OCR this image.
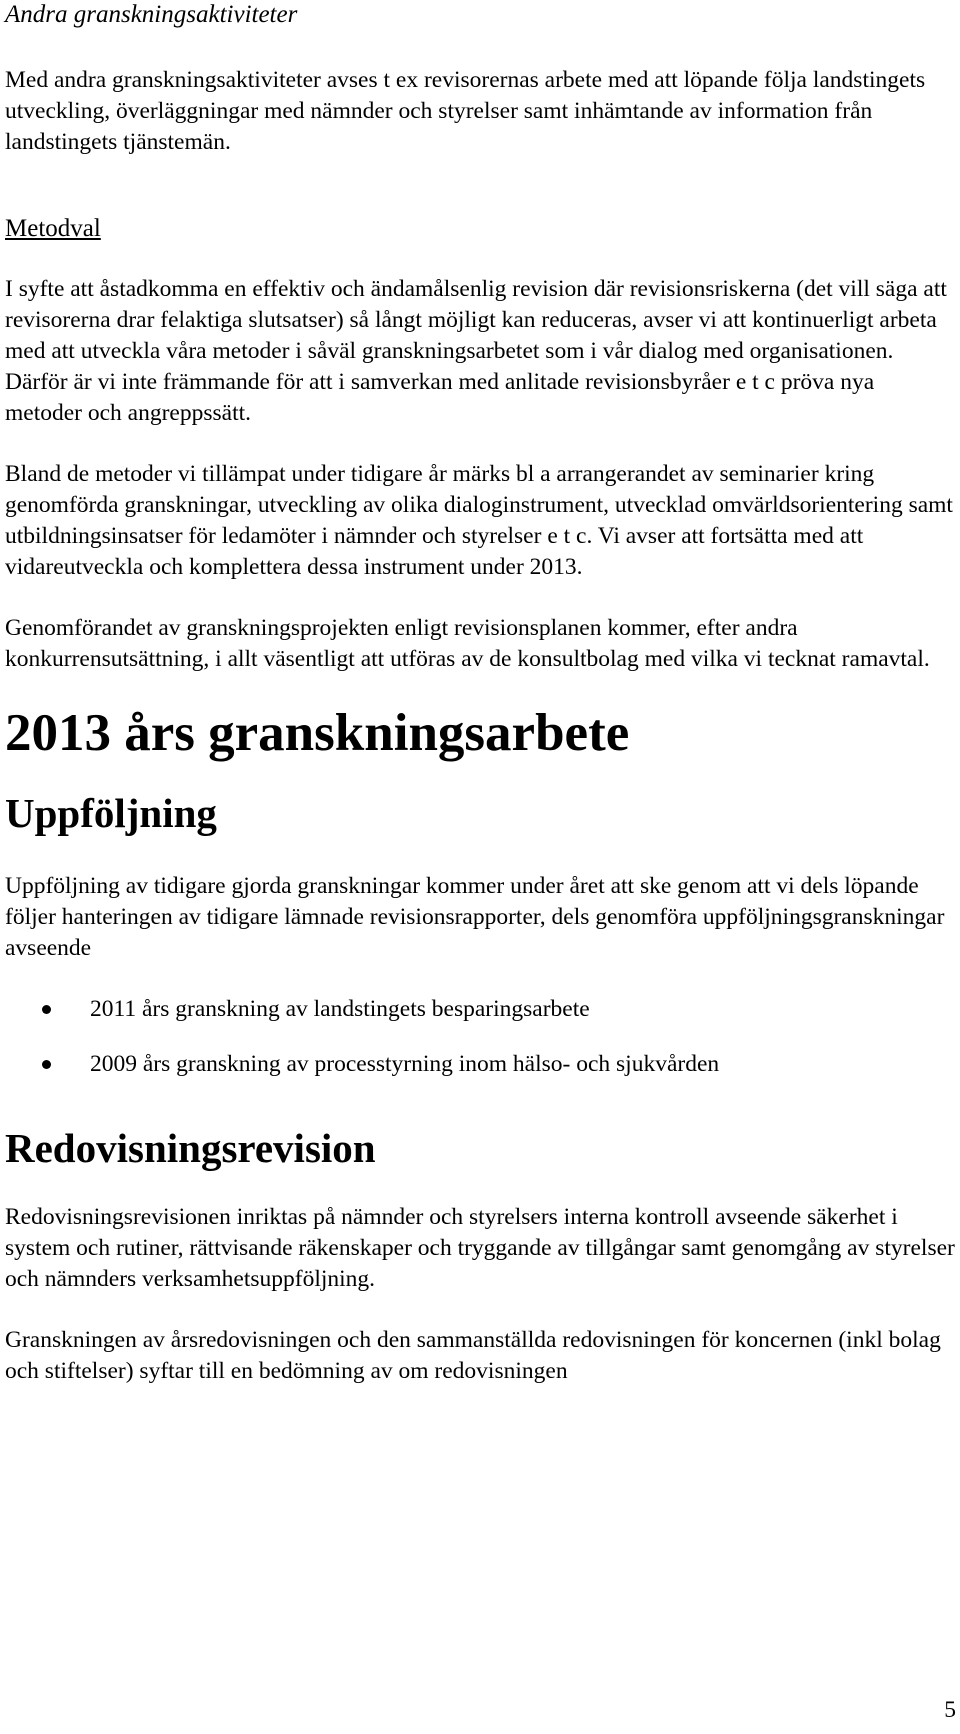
Andra granskningsaktiviteter

Med andra granskningsaktiviteter avses t ex revisorernas arbete med att löpande följa landstingets utveckling, överläggningar med nämnder och styrelser samt inhämtande av information från landstingets tjänstemän.

Metodval

I syfte att åstadkomma en effektiv och ändamålsenlig revision där revisionsriskerna (det vill säga att revisorerna drar felaktiga slutsatser) så långt möjligt kan reduceras, avser vi att kontinuerligt arbeta med att utveckla våra metoder i såväl granskningsarbetet som i vår dialog med organisationen. Därför är vi inte främmande för att i samverkan med anlitade revisionsbyråer e t c pröva nya metoder och angreppssätt.

Bland de metoder vi tillämpat under tidigare år märks bl a arrangerandet av seminarier kring genomförda granskningar, utveckling av olika dialoginstrument, utvecklad omvärldsorientering samt utbildningsinsatser för ledamöter i nämnder och styrelser e t c. Vi avser att fortsätta med att vidareutveckla och komplettera dessa instrument under 2013.

Genomförandet av granskningsprojekten enligt revisionsplanen kommer, efter andra konkurrensutsättning, i allt väsentligt att utföras av de konsultbolag med vilka vi tecknat ramavtal.

2013 års granskningsarbete
Uppföljning

Uppföljning av tidigare gjorda granskningar kommer under året att ske genom att vi dels löpande följer hanteringen av tidigare lämnade revisionsrapporter, dels genomföra uppföljningsgranskningar avseende

2011 års granskning av landstingets besparingsarbete
2009 års granskning av processtyrning inom hälso- och sjukvården
Redovisningsrevision

Redovisningsrevisionen inriktas på nämnder och styrelsers interna kontroll avseende säkerhet i system och rutiner, rättvisande räkenskaper och tryggande av tillgångar samt genomgång av styrelser och nämnders verksamhetsuppföljning.

Granskningen av årsredovisningen och den sammanställda redovisningen för koncernen (inkl bolag och stiftelser) syftar till en bedömning av om redovisningen

5
